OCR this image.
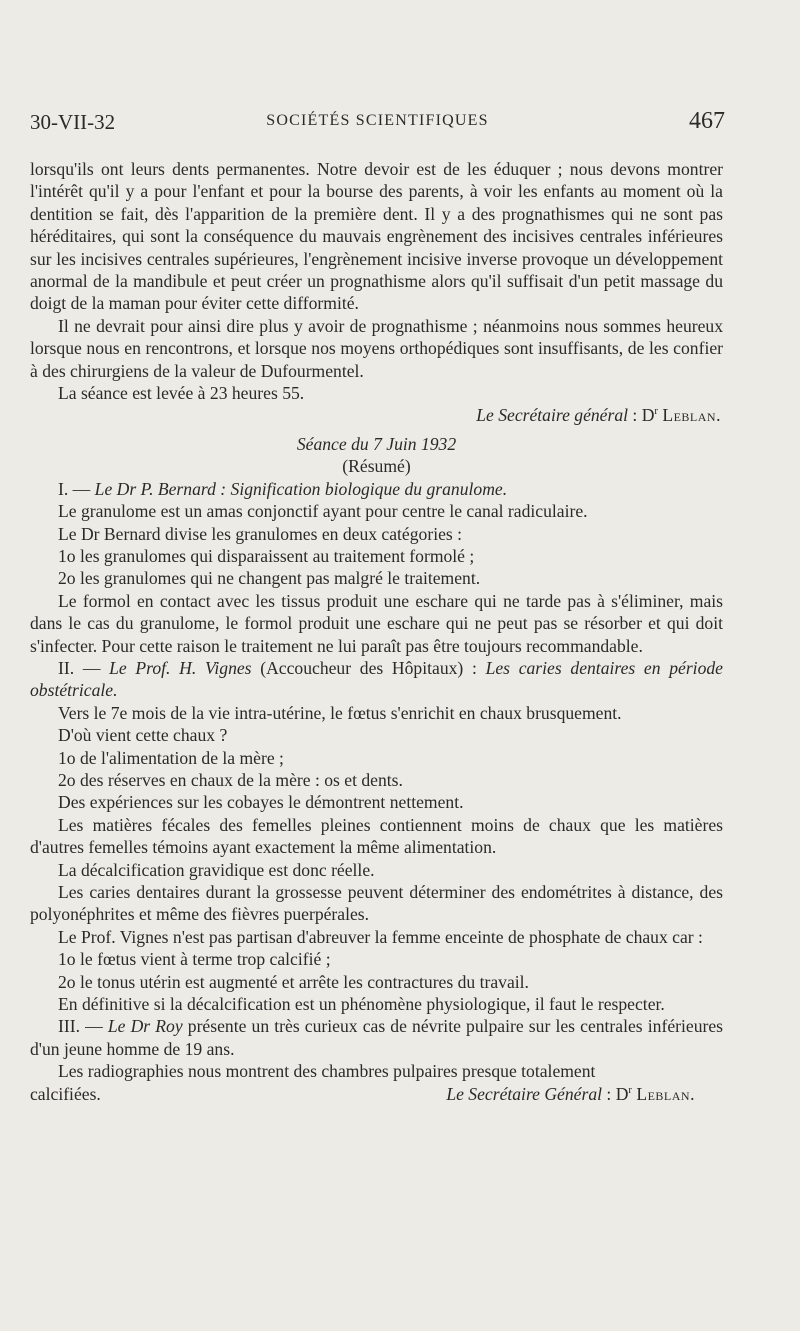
30-VII-32	SOCIÉTÉS SCIENTIFIQUES	467

lorsqu'ils ont leurs dents permanentes. Notre devoir est de les éduquer ; nous devons montrer l'intérêt qu'il y a pour l'enfant et pour la bourse des parents, à voir les enfants au moment où la dentition se fait, dès l'apparition de la première dent. Il y a des prognathismes qui ne sont pas héréditaires, qui sont la conséquence du mauvais engrènement des incisives centrales inférieures sur les incisives centrales supérieures, l'engrènement incisive inverse provoque un développement anormal de la mandibule et peut créer un prognathisme alors qu'il suffisait d'un petit massage du doigt de la maman pour éviter cette difformité.

Il ne devrait pour ainsi dire plus y avoir de prognathisme ; néanmoins nous sommes heureux lorsque nous en rencontrons, et lorsque nos moyens orthopédiques sont insuffisants, de les confier à des chirurgiens de la valeur de Dufourmentel.

La séance est levée à 23 heures 55.

Le Secrétaire général : $D^r$ Leblan.

Séance du 7 Juin 1932

(Résumé)

I. — Le Dr P. Bernard : Signification biologique du granulome.

Le granulome est un amas conjonctif ayant pour centre le canal radiculaire.

Le Dr Bernard divise les granulomes en deux catégories :

1o les granulomes qui disparaissent au traitement formolé ;

2o les granulomes qui ne changent pas malgré le traitement.

Le formol en contact avec les tissus produit une eschare qui ne tarde pas à s'éliminer, mais dans le cas du granulome, le formol produit une eschare qui ne peut pas se résorber et qui doit s'infecter. Pour cette raison le traitement ne lui paraît pas être toujours recommandable.

II. — Le Prof. H. Vignes (Accoucheur des Hôpitaux) : Les caries dentaires en période obstétricale.

Vers le 7e mois de la vie intra-utérine, le fœtus s'enrichit en chaux brusquement.

D'où vient cette chaux ?

1o de l'alimentation de la mère ;

2o des réserves en chaux de la mère : os et dents.

Des expériences sur les cobayes le démontrent nettement.

Les matières fécales des femelles pleines contiennent moins de chaux que les matières d'autres femelles témoins ayant exactement la même alimentation.

La décalcification gravidique est donc réelle.

Les caries dentaires durant la grossesse peuvent déterminer des endométrites à distance, des polyonéphrites et même des fièvres puerpérales.

Le Prof. Vignes n'est pas partisan d'abreuver la femme enceinte de phosphate de chaux car :

1o le fœtus vient à terme trop calcifié ;

2o le tonus utérin est augmenté et arrête les contractures du travail.

En définitive si la décalcification est un phénomène physiologique, il faut le respecter.

III. — Le Dr Roy présente un très curieux cas de névrite pulpaire sur les centrales inférieures d'un jeune homme de 19 ans.

Les radiographies nous montrent des chambres pulpaires presque totalement

calcifiées.	Le Secrétaire Général : $D^r$ Leblan.
